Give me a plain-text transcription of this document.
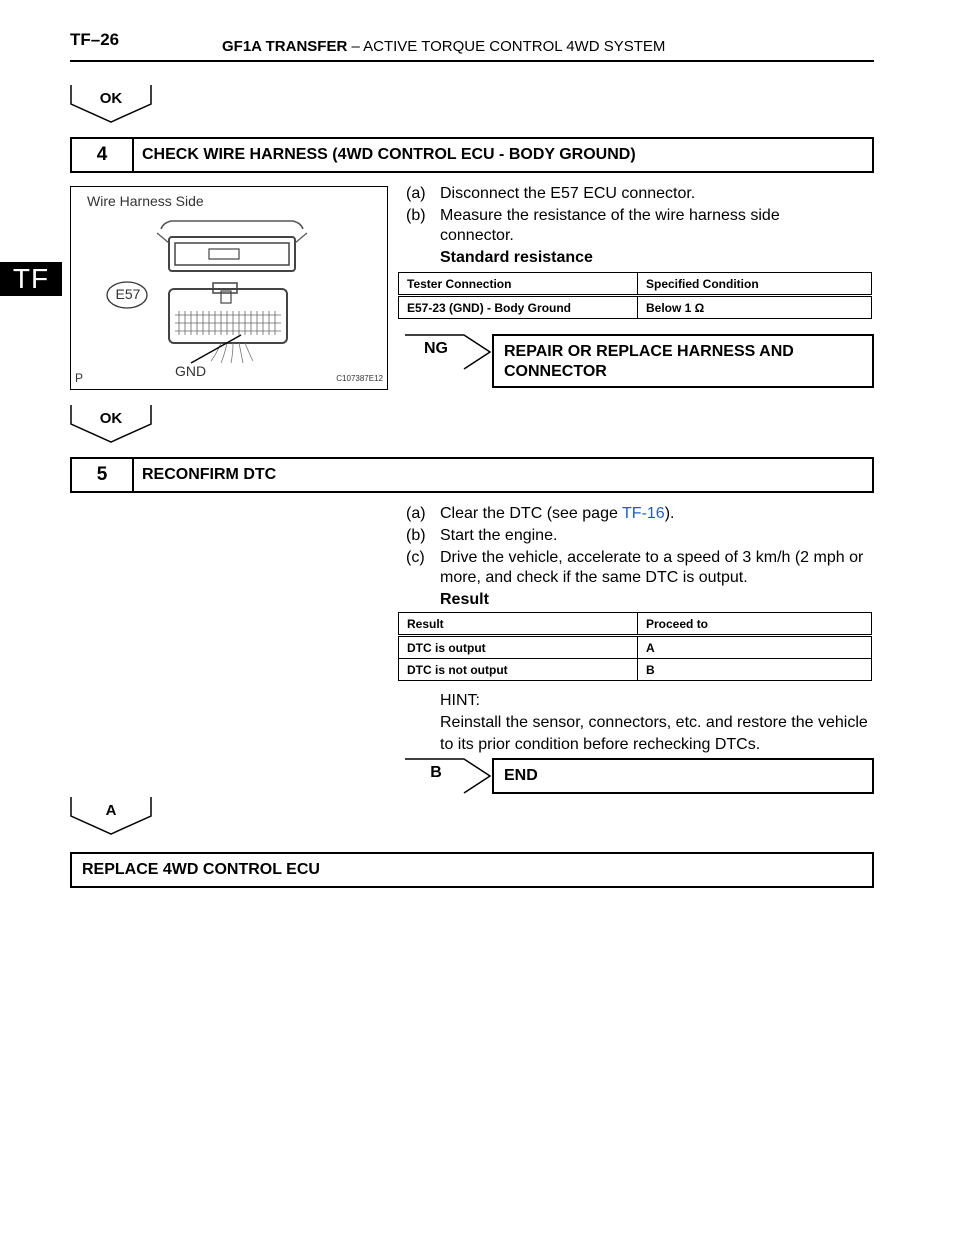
TF–26	GF1A TRANSFER – ACTIVE TORQUE CONTROL 4WD SYSTEM
TF
OK
4	CHECK WIRE HARNESS (4WD CONTROL ECU - BODY GROUND)
Wire Harness Side
E57
GND
P	C107387E12
(a) Disconnect the E57 ECU connector.
(b) Measure the resistance of the wire harness side connector.
Standard resistance
Tester Connection	Specified Condition
E57-23 (GND) - Body Ground	Below 1 Ω
NG	REPAIR OR REPLACE HARNESS AND CONNECTOR
OK
5	RECONFIRM DTC
(a) Clear the DTC (see page TF-16).
(b) Start the engine.
(c) Drive the vehicle, accelerate to a speed of 3 km/h (2 mph or more, and check if the same DTC is output.
Result
Result	Proceed to
DTC is output	A
DTC is not output	B
HINT:
Reinstall the sensor, connectors, etc. and restore the vehicle to its prior condition before rechecking DTCs.
B	END
A
REPLACE 4WD CONTROL ECU
